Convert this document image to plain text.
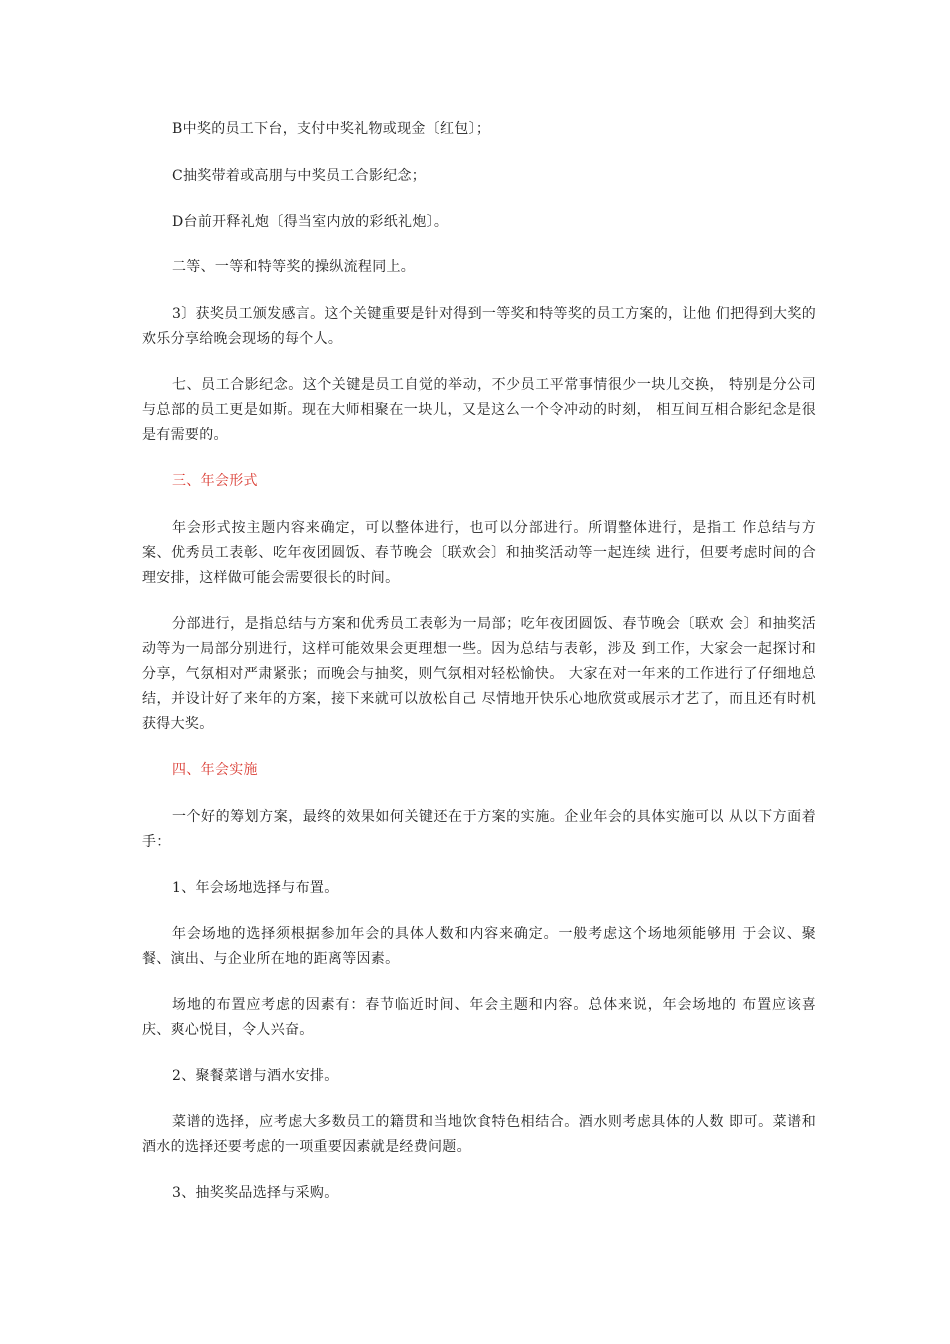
B中奖的员工下台，支付中奖礼物或现金〔红包〕；

C抽奖带着或高朋与中奖员工合影纪念；

D台前开释礼炮〔得当室内放的彩纸礼炮〕。

二等、一等和特等奖的操纵流程同上。

3〕获奖员工颁发感言。这个关键重要是针对得到一等奖和特等奖的员工方案的，让他 们把得到大奖的欢乐分享给晚会现场的每个人。

七、员工合影纪念。这个关键是员工自觉的举动，不少员工平常事情很少一块儿交换， 特别是分公司与总部的员工更是如斯。现在大师相聚在一块儿，又是这么一个令冲动的时刻， 相互间互相合影纪念是很是有需要的。

三、年会形式

年会形式按主题内容来确定，可以整体进行，也可以分部进行。所谓整体进行，是指工 作总结与方案、优秀员工表彰、吃年夜团圆饭、春节晚会〔联欢会〕和抽奖活动等一起连续 进行，但要考虑时间的合理安排，这样做可能会需要很长的时间。

分部进行，是指总结与方案和优秀员工表彰为一局部；吃年夜团圆饭、春节晚会〔联欢 会〕和抽奖活动等为一局部分别进行，这样可能效果会更理想一些。因为总结与表彰，涉及 到工作，大家会一起探讨和分享，气氛相对严肃紧张；而晚会与抽奖，则气氛相对轻松愉快。 大家在对一年来的工作进行了仔细地总结，并设计好了来年的方案，接下来就可以放松自己 尽情地开快乐心地欣赏或展示才艺了，而且还有时机获得大奖。

四、年会实施

一个好的筹划方案，最终的效果如何关键还在于方案的实施。企业年会的具体实施可以 从以下方面着手：

1、年会场地选择与布置。

年会场地的选择须根据参加年会的具体人数和内容来确定。一般考虑这个场地须能够用 于会议、聚餐、演出、与企业所在地的距离等因素。

场地的布置应考虑的因素有：春节临近时间、年会主题和内容。总体来说，年会场地的 布置应该喜庆、爽心悦目，令人兴奋。

2、聚餐菜谱与酒水安排。

菜谱的选择，应考虑大多数员工的籍贯和当地饮食特色相结合。酒水则考虑具体的人数 即可。菜谱和酒水的选择还要考虑的一项重要因素就是经费问题。

3、抽奖奖品选择与采购。
